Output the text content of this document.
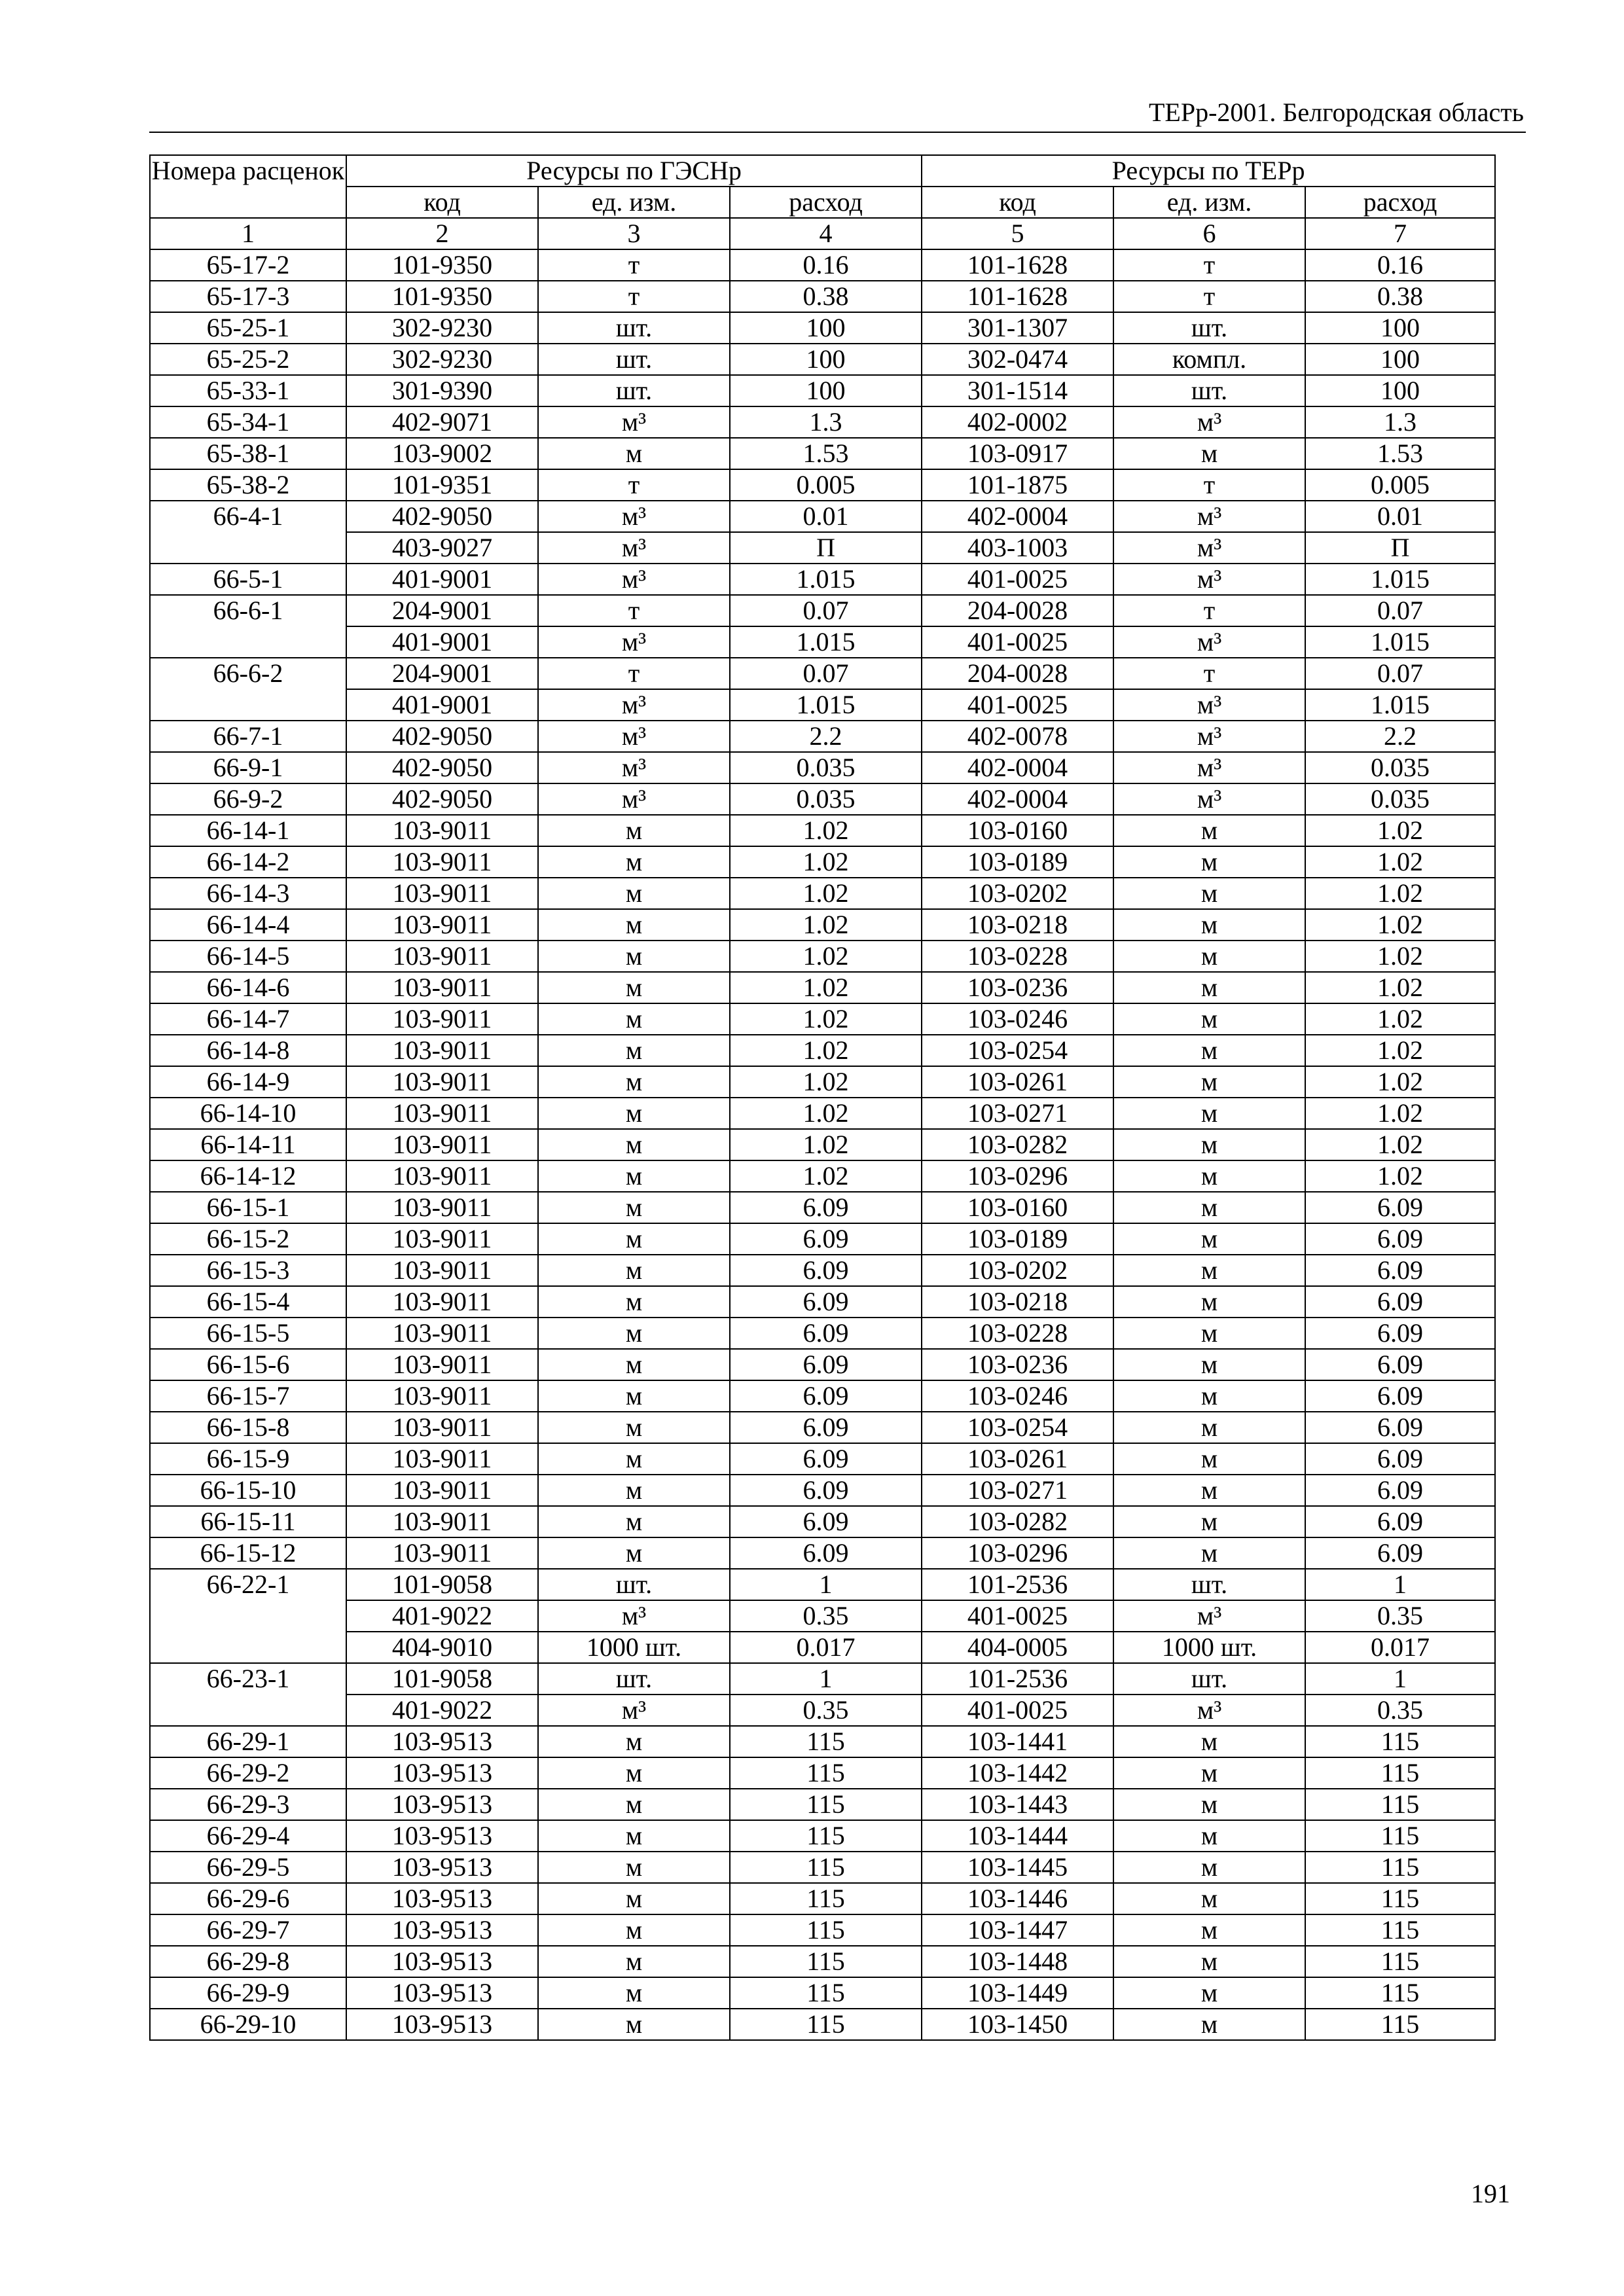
ТЕРр-2001. Белгородская область
Номера расценок	Ресурсы по ГЭСНр			Ресурсы по ТЕРр		
	код	ед. изм.	расход	код	ед. изм.	расход
1	2	3	4	5	6	7
65-17-2	101-9350	т	0.16	101-1628	т	0.16
65-17-3	101-9350	т	0.38	101-1628	т	0.38
65-25-1	302-9230	шт.	100	301-1307	шт.	100
65-25-2	302-9230	шт.	100	302-0474	компл.	100
65-33-1	301-9390	шт.	100	301-1514	шт.	100
65-34-1	402-9071	м³	1.3	402-0002	м³	1.3
65-38-1	103-9002	м	1.53	103-0917	м	1.53
65-38-2	101-9351	т	0.005	101-1875	т	0.005
66-4-1	402-9050	м³	0.01	402-0004	м³	0.01
	403-9027	м³	П	403-1003	м³	П
66-5-1	401-9001	м³	1.015	401-0025	м³	1.015
66-6-1	204-9001	т	0.07	204-0028	т	0.07
	401-9001	м³	1.015	401-0025	м³	1.015
66-6-2	204-9001	т	0.07	204-0028	т	0.07
	401-9001	м³	1.015	401-0025	м³	1.015
66-7-1	402-9050	м³	2.2	402-0078	м³	2.2
66-9-1	402-9050	м³	0.035	402-0004	м³	0.035
66-9-2	402-9050	м³	0.035	402-0004	м³	0.035
66-14-1	103-9011	м	1.02	103-0160	м	1.02
66-14-2	103-9011	м	1.02	103-0189	м	1.02
66-14-3	103-9011	м	1.02	103-0202	м	1.02
66-14-4	103-9011	м	1.02	103-0218	м	1.02
66-14-5	103-9011	м	1.02	103-0228	м	1.02
66-14-6	103-9011	м	1.02	103-0236	м	1.02
66-14-7	103-9011	м	1.02	103-0246	м	1.02
66-14-8	103-9011	м	1.02	103-0254	м	1.02
66-14-9	103-9011	м	1.02	103-0261	м	1.02
66-14-10	103-9011	м	1.02	103-0271	м	1.02
66-14-11	103-9011	м	1.02	103-0282	м	1.02
66-14-12	103-9011	м	1.02	103-0296	м	1.02
66-15-1	103-9011	м	6.09	103-0160	м	6.09
66-15-2	103-9011	м	6.09	103-0189	м	6.09
66-15-3	103-9011	м	6.09	103-0202	м	6.09
66-15-4	103-9011	м	6.09	103-0218	м	6.09
66-15-5	103-9011	м	6.09	103-0228	м	6.09
66-15-6	103-9011	м	6.09	103-0236	м	6.09
66-15-7	103-9011	м	6.09	103-0246	м	6.09
66-15-8	103-9011	м	6.09	103-0254	м	6.09
66-15-9	103-9011	м	6.09	103-0261	м	6.09
66-15-10	103-9011	м	6.09	103-0271	м	6.09
66-15-11	103-9011	м	6.09	103-0282	м	6.09
66-15-12	103-9011	м	6.09	103-0296	м	6.09
66-22-1	101-9058	шт.	1	101-2536	шт.	1
	401-9022	м³	0.35	401-0025	м³	0.35
	404-9010	1000 шт.	0.017	404-0005	1000 шт.	0.017
66-23-1	101-9058	шт.	1	101-2536	шт.	1
	401-9022	м³	0.35	401-0025	м³	0.35
66-29-1	103-9513	м	115	103-1441	м	115
66-29-2	103-9513	м	115	103-1442	м	115
66-29-3	103-9513	м	115	103-1443	м	115
66-29-4	103-9513	м	115	103-1444	м	115
66-29-5	103-9513	м	115	103-1445	м	115
66-29-6	103-9513	м	115	103-1446	м	115
66-29-7	103-9513	м	115	103-1447	м	115
66-29-8	103-9513	м	115	103-1448	м	115
66-29-9	103-9513	м	115	103-1449	м	115
66-29-10	103-9513	м	115	103-1450	м	115
191
